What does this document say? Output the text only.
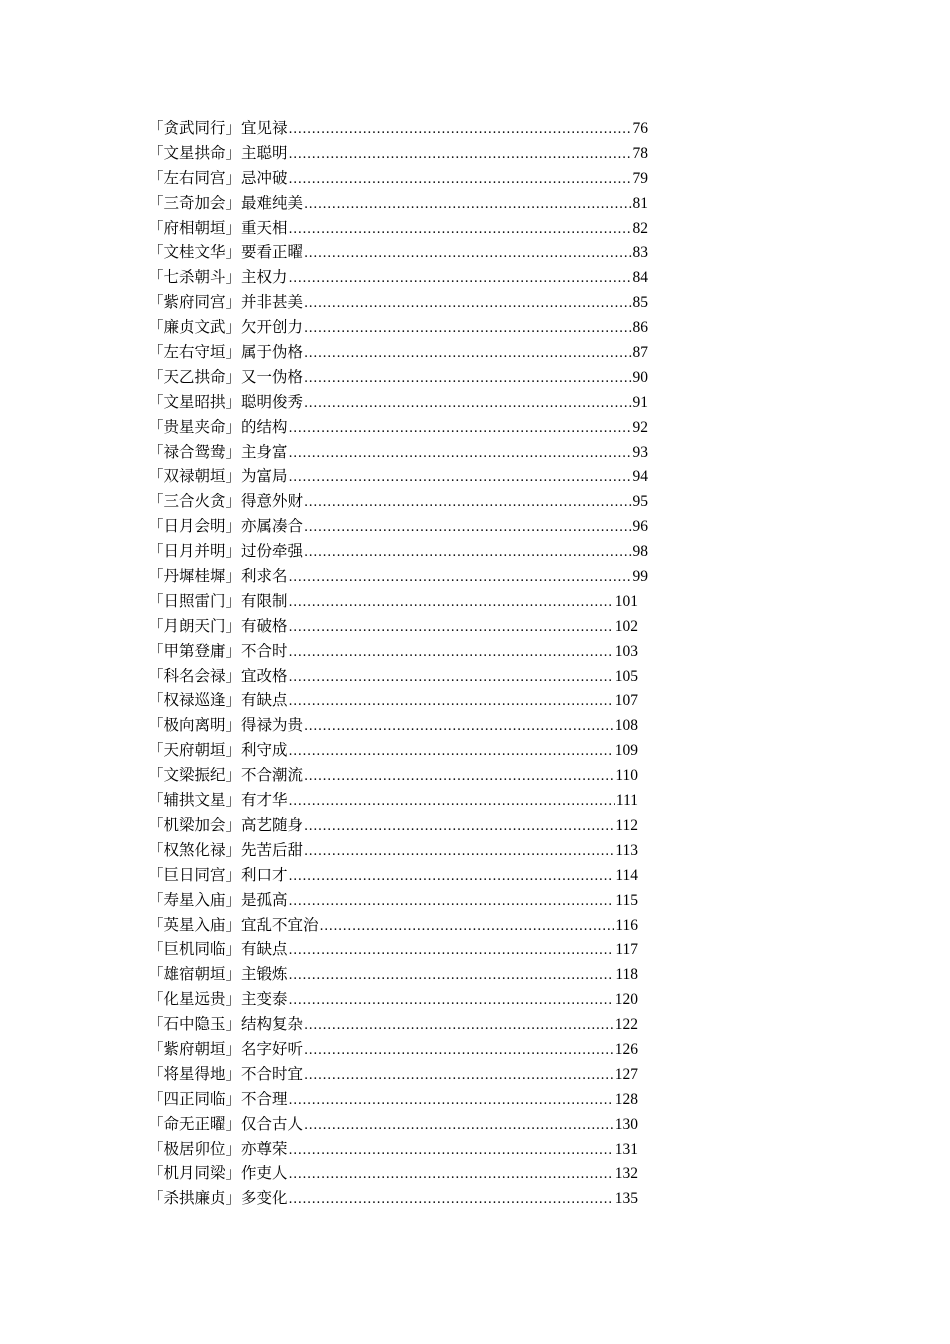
「贪武同行」宜见禄 .....	76
「文星拱命」主聪明 .....	78
「左右同宫」忌冲破 .....	79
「三奇加会」最难纯美 .....	81
「府相朝垣」重天相 .....	82
「文桂文华」要看正曜 .....	83
「七杀朝斗」主权力 .....	84
「紫府同宫」并非甚美 .....	85
「廉贞文武」欠开创力 .....	86
「左右守垣」属于伪格 .....	87
「天乙拱命」又一伪格 .....	90
「文星昭拱」聪明俊秀 .....	91
「贵星夹命」的结构 .....	92
「禄合鸳鸯」主身富 .....	93
「双禄朝垣」为富局 .....	94
「三合火贪」得意外财 .....	95
「日月会明」亦属凑合 .....	96
「日月并明」过份牵强 .....	98
「丹墀桂墀」利求名 .....	99
「日照雷门」有限制 .....	101
「月朗天门」有破格 .....	102
「甲第登庸」不合时 .....	103
「科名会禄」宜改格 .....	105
「权禄巡逢」有缺点 .....	107
「极向离明」得禄为贵 .....	108
「天府朝垣」利守成 .....	109
「文梁振纪」不合潮流 .....	110
「辅拱文星」有才华 .....	111
「机梁加会」高艺随身 .....	112
「权煞化禄」先苦后甜 .....	113
「巨日同宫」利口才 .....	114
「寿星入庙」是孤高 .....	115
「英星入庙」宜乱不宜治 .....	116
「巨机同临」有缺点 .....	117
「雄宿朝垣」主锻炼 .....	118
「化星远贵」主变泰 .....	120
「石中隐玉」结构复杂 .....	122
「紫府朝垣」名字好听 .....	126
「将星得地」不合时宜 .....	127
「四正同临」不合理 .....	128
「命无正曜」仅合古人 .....	130
「极居卯位」亦尊荣 .....	131
「机月同梁」作吏人 .....	132
「杀拱廉贞」多变化 .....	135
